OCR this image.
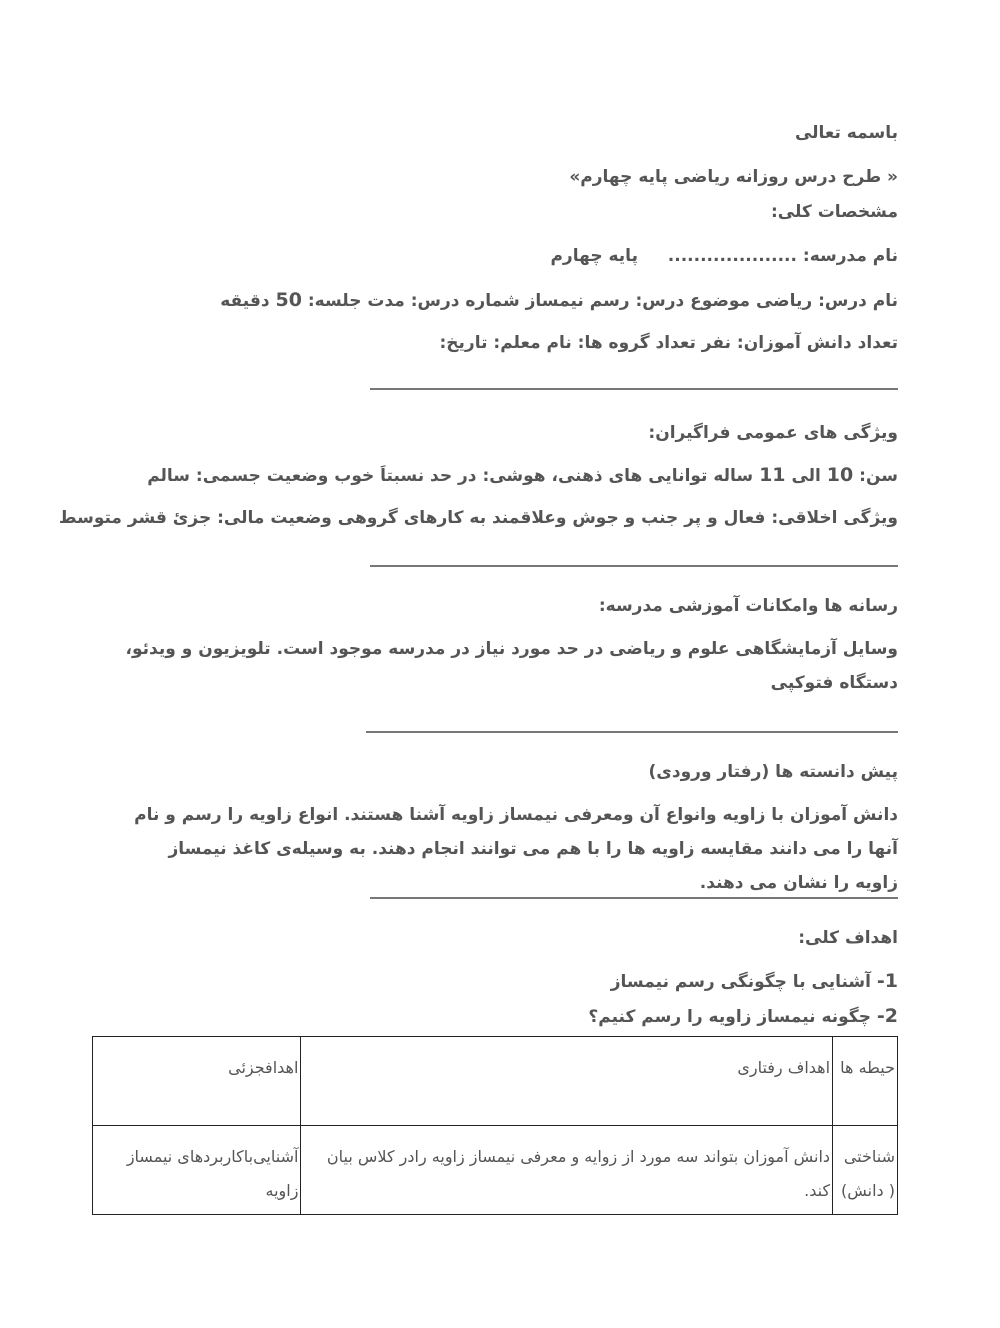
باسمه تعالی
« طرح درس روزانه ریاضی پایه چهارم»
مشخصات کلی:
نام مدرسه: ....................  پایه چهارم
نام درس: ریاضی موضوع درس: رسم نیمساز شماره درس: مدت جلسه: 50 دقیقه
تعداد دانش آموزان: نفر تعداد گروه ها: نام معلم: تاریخ:
ویژگی های عمومی فراگیران:
سن: 10 الی 11 ساله توانایی های ذهنی، هوشی: در حد نسبتاَ خوب وضعیت جسمی: سالم
ویژگی اخلاقی: فعال و پر جنب و جوش وعلاقمند به کارهای گروهی وضعیت مالی: جزئ قشر متوسط
رسانه ها وامکانات آموزشی مدرسه:
وسایل آزمایشگاهی علوم و ریاضی در حد مورد نیاز در مدرسه موجود است. تلویزیون و ویدئو، دستگاه فتوکپی
پیش دانسته ها (رفتار ورودی)
دانش آموزان با زاویه وانواع آن ومعرفی نیمساز زاویه آشنا هستند. انواع زاویه را رسم و نام آنها را می دانند مقایسه زاویه ها را با هم می توانند انجام دهند. به وسیله‌ی کاغذ نیمساز زاویه را نشان می دهند.
اهداف کلی:
1- آشنایی با چگونگی رسم نیمساز
2- چگونه نیمساز زاویه را رسم کنیم؟
حیطه ها	اهداف رفتاری	اهدافجزئی
شناختی ( دانش)	دانش آموزان بتواند سه مورد از زوایه و معرفی نیمساز زاویه رادر کلاس بیان کند.	آشنایی‌باکاربردهای نیمساز زاویه
